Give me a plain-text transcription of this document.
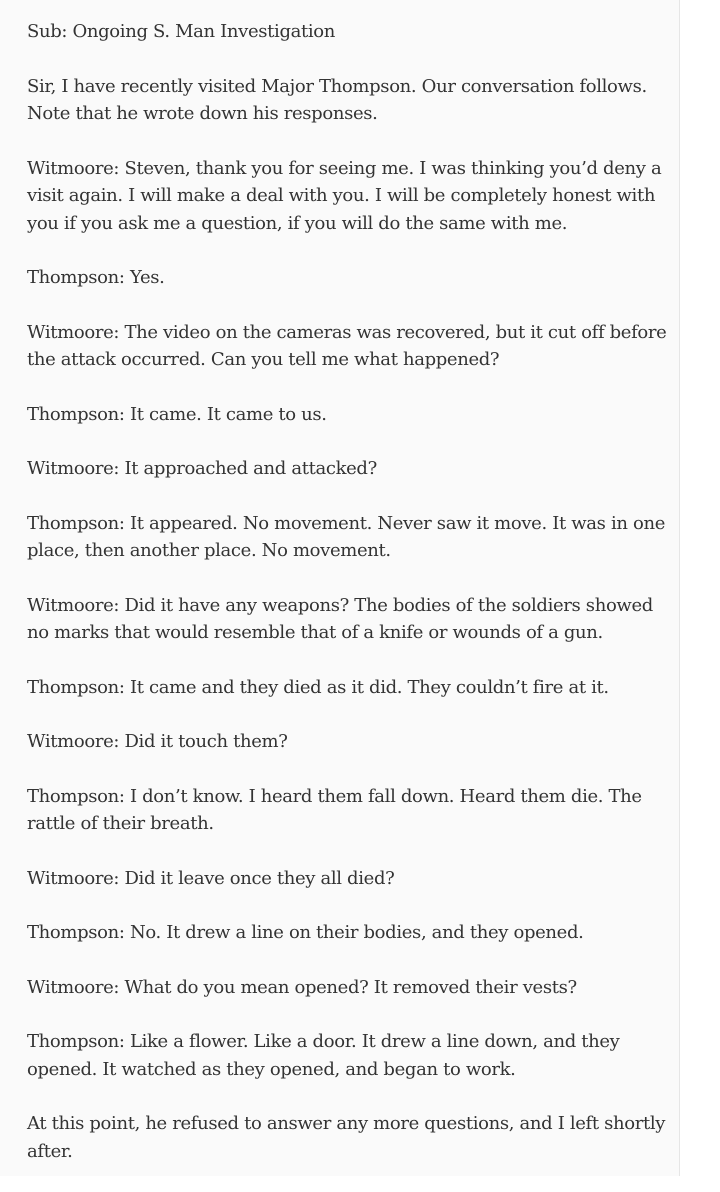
Sub: Ongoing S. Man Investigation

Sir, I have recently visited Major Thompson. Our conversation follows. Note that he wrote down his responses.

Witmoore: Steven, thank you for seeing me. I was thinking you’d deny a visit again. I will make a deal with you. I will be completely honest with you if you ask me a question, if you will do the same with me.

Thompson: Yes.

Witmoore: The video on the cameras was recovered, but it cut off before the attack occurred. Can you tell me what happened?

Thompson: It came. It came to us.

Witmoore: It approached and attacked?

Thompson: It appeared. No movement. Never saw it move. It was in one place, then another place. No movement.

Witmoore: Did it have any weapons? The bodies of the soldiers showed no marks that would resemble that of a knife or wounds of a gun.

Thompson: It came and they died as it did. They couldn’t fire at it.

Witmoore: Did it touch them?

Thompson: I don’t know. I heard them fall down. Heard them die. The rattle of their breath.

Witmoore: Did it leave once they all died?

Thompson: No. It drew a line on their bodies, and they opened.

Witmoore: What do you mean opened? It removed their vests?

Thompson: Like a flower. Like a door. It drew a line down, and they opened. It watched as they opened, and began to work.

At this point, he refused to answer any more questions, and I left shortly after.
